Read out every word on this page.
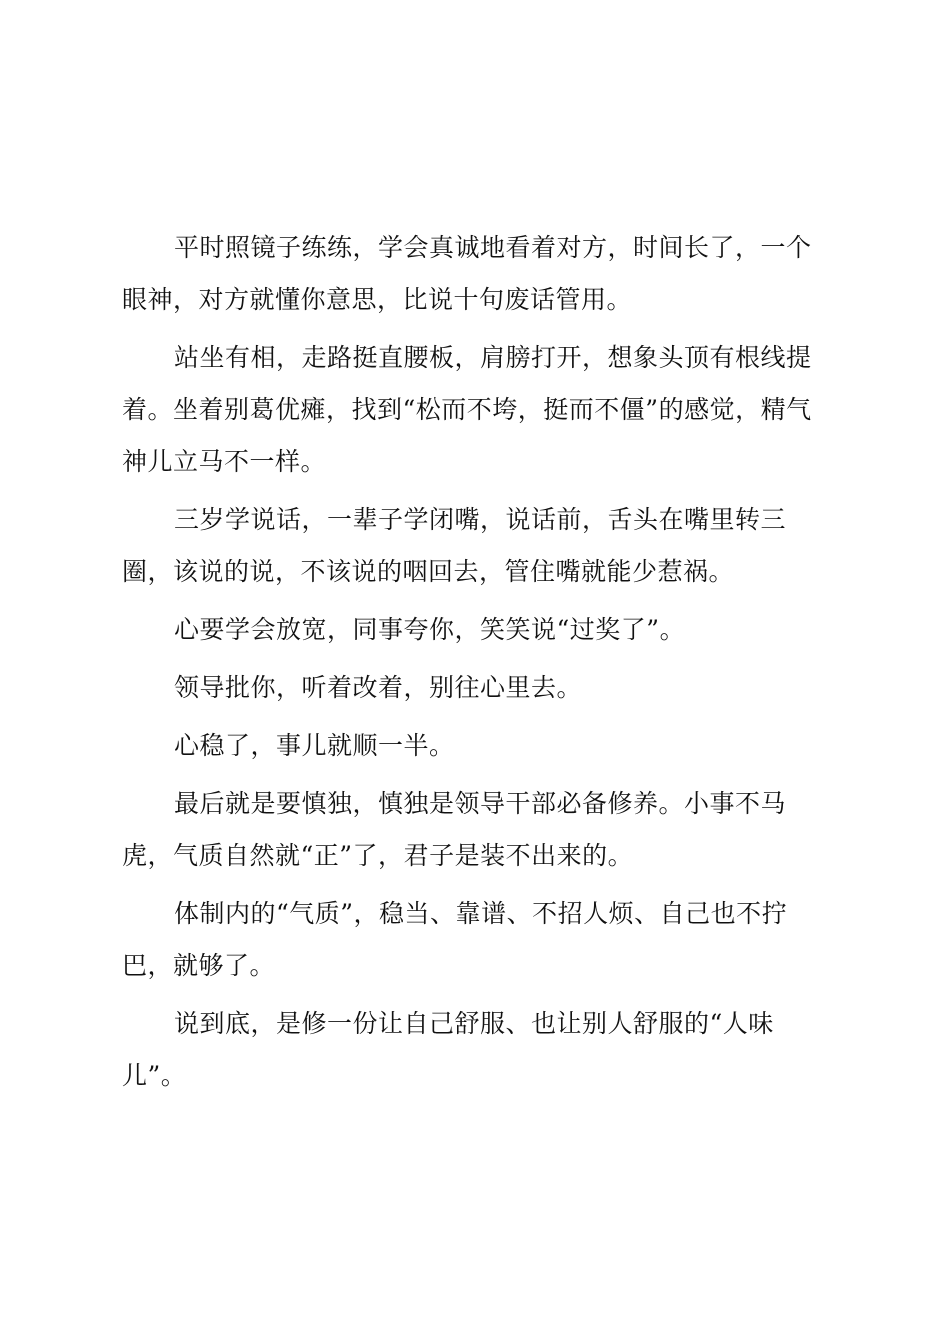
平时照镜子练练，学会真诚地看着对方，时间长了，一个眼神，对方就懂你意思，比说十句废话管用。

站坐有相，走路挺直腰板，肩膀打开，想象头顶有根线提着。坐着别葛优瘫，找到“松而不垮，挺而不僵”的感觉，精气神儿立马不一样。

三岁学说话，一辈子学闭嘴，说话前，舌头在嘴里转三圈，该说的说，不该说的咽回去，管住嘴就能少惹祸。

心要学会放宽，同事夸你，笑笑说“过奖了”。

领导批你，听着改着，别往心里去。

心稳了，事儿就顺一半。

最后就是要慎独，慎独是领导干部必备修养。小事不马虎，气质自然就“正”了，君子是装不出来的。

体制内的“气质”，稳当、靠谱、不招人烦、自己也不拧巴，就够了。

说到底，是修一份让自己舒服、也让别人舒服的“人味儿”。
